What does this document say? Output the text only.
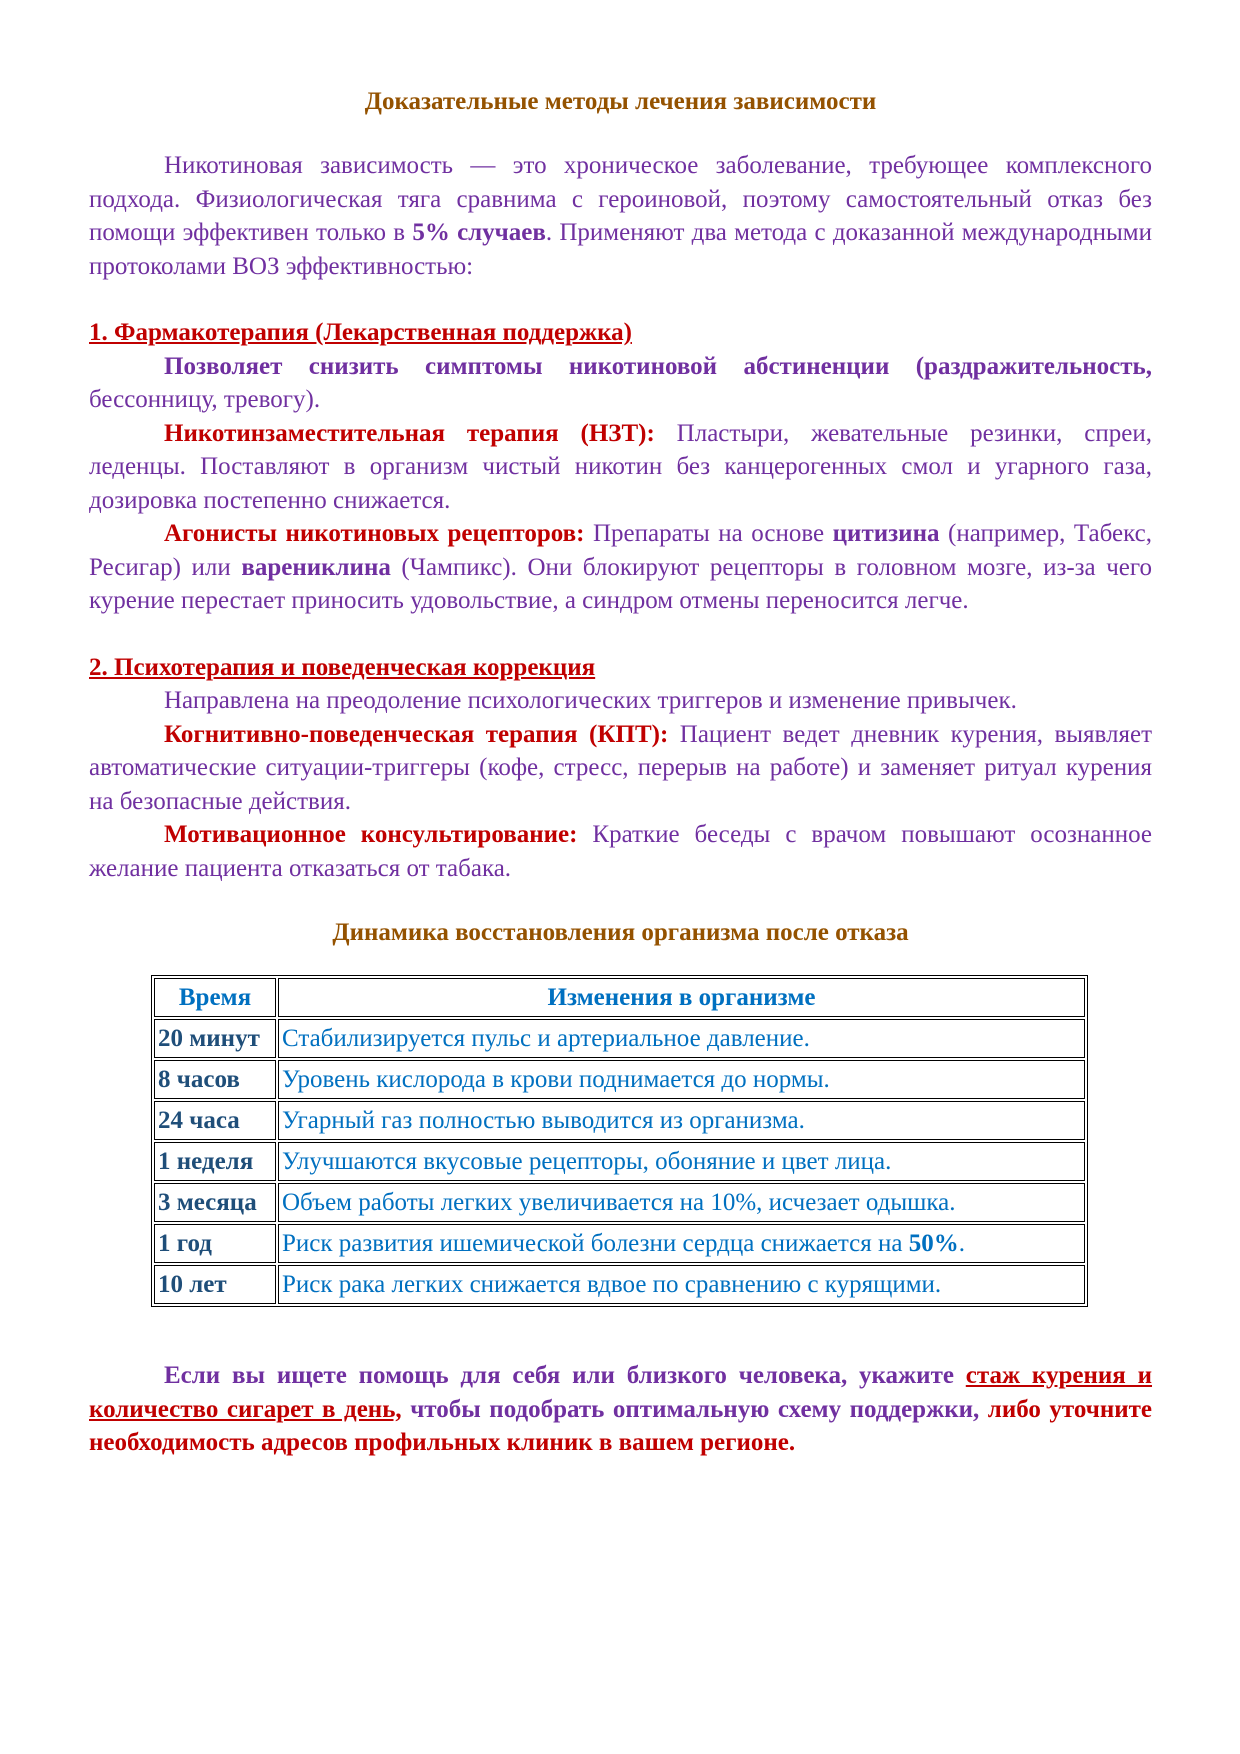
Доказательные методы лечения зависимости

Никотиновая зависимость — это хроническое заболевание, требующее комплексного подхода. Физиологическая тяга сравнима с героиновой, поэтому самостоятельный отказ без помощи эффективен только в 5% случаев. Применяют два метода с доказанной международными протоколами ВОЗ эффективностью:

1. Фармакотерапия (Лекарственная поддержка)

Позволяет снизить симптомы никотиновой абстиненции (раздражительность, бессонницу, тревогу).

Никотинзаместительная терапия (НЗТ): Пластыри, жевательные резинки, спреи, леденцы. Поставляют в организм чистый никотин без канцерогенных смол и угарного газа, дозировка постепенно снижается.

Агонисты никотиновых рецепторов: Препараты на основе цитизина (например, Табекс, Ресигар) или варениклина (Чампикс). Они блокируют рецепторы в головном мозге, из-за чего курение перестает приносить удовольствие, а синдром отмены переносится легче.

2. Психотерапия и поведенческая коррекция

Направлена на преодоление психологических триггеров и изменение привычек.

Когнитивно-поведенческая терапия (КПТ): Пациент ведет дневник курения, выявляет автоматические ситуации-триггеры (кофе, стресс, перерыв на работе) и заменяет ритуал курения на безопасные действия.

Мотивационное консультирование: Краткие беседы с врачом повышают осознанное желание пациента отказаться от табака.

Динамика восстановления организма после отказа

Время	Изменения в организме
20 минут	Стабилизируется пульс и артериальное давление.
8 часов	Уровень кислорода в крови поднимается до нормы.
24 часа	Угарный газ полностью выводится из организма.
1 неделя	Улучшаются вкусовые рецепторы, обоняние и цвет лица.
3 месяца	Объем работы легких увеличивается на 10%, исчезает одышка.
1 год	Риск развития ишемической болезни сердца снижается на 50%.
10 лет	Риск рака легких снижается вдвое по сравнению с курящими.

Если вы ищете помощь для себя или близкого человека, укажите стаж курения и количество сигарет в день, чтобы подобрать оптимальную схему поддержки, либо уточните необходимость адресов профильных клиник в вашем регионе.
